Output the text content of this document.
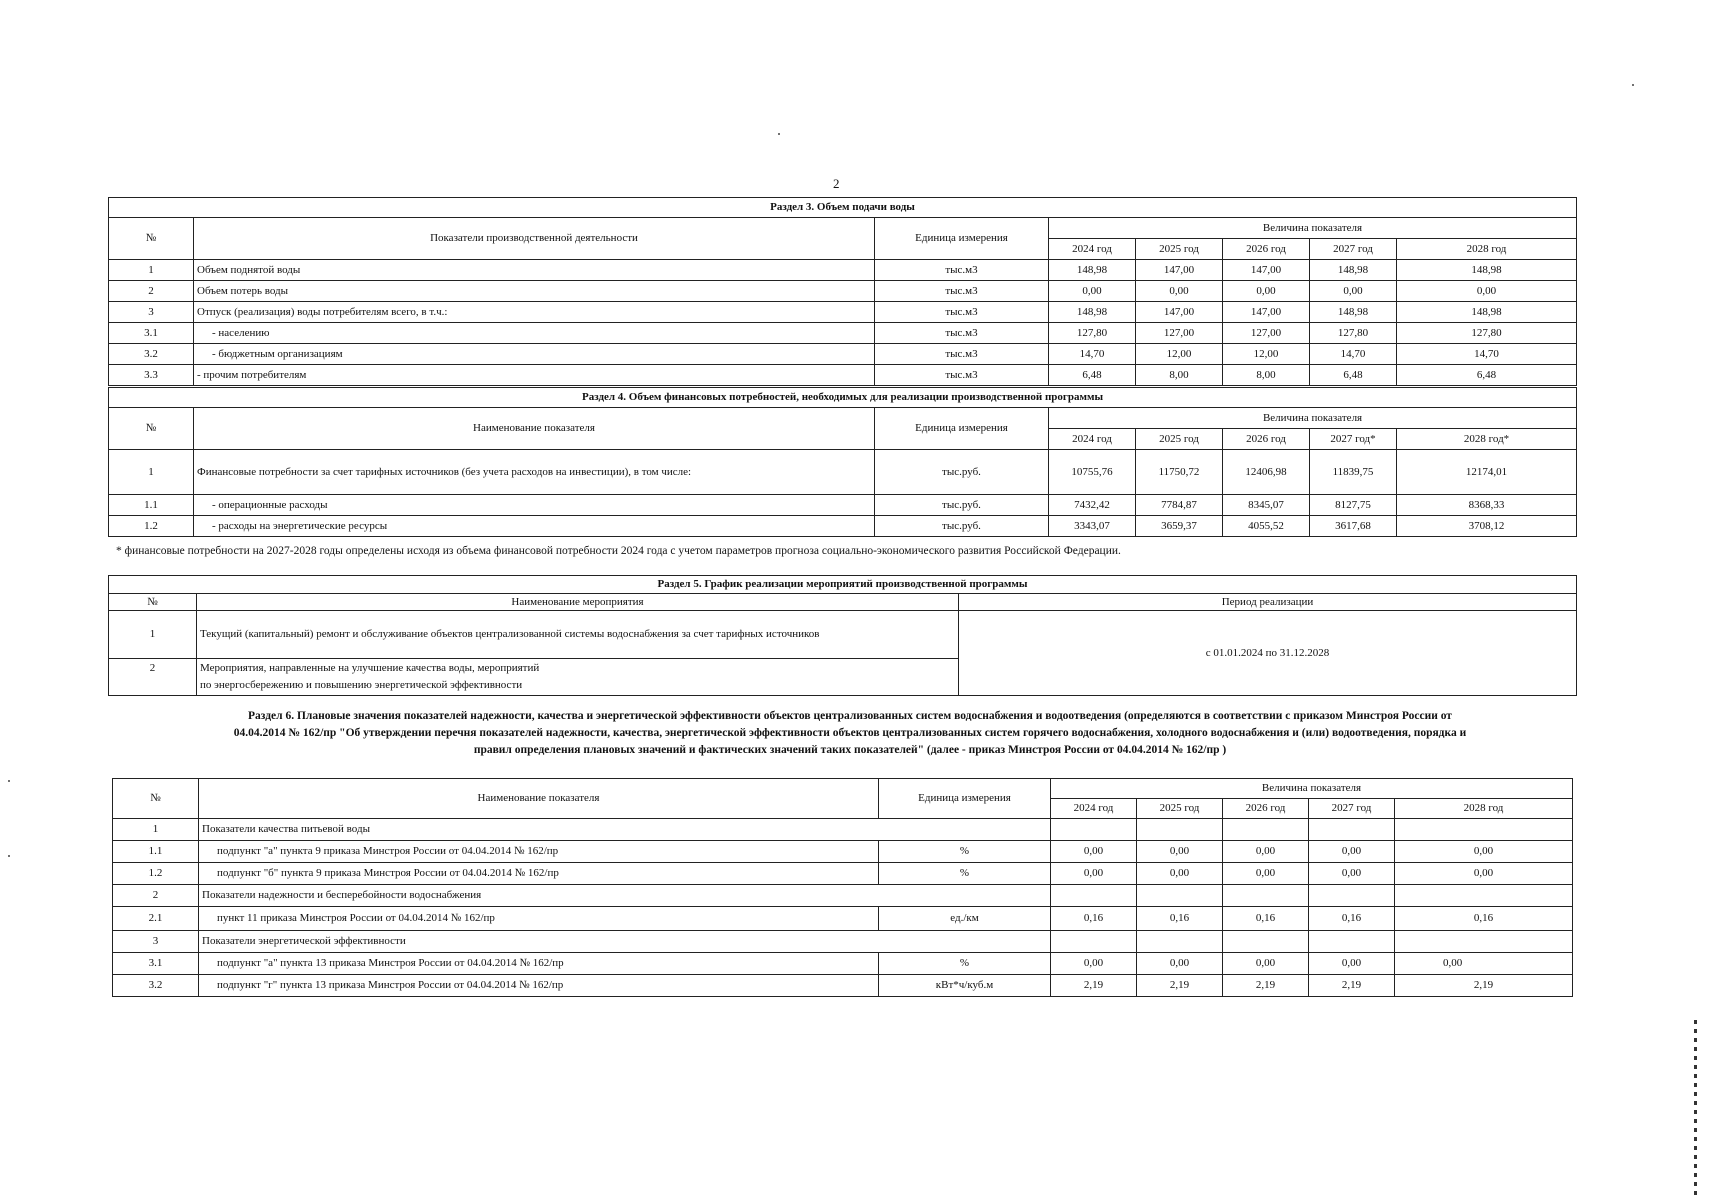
2
Раздел 3. Объем подачи воды							
№	Показатели производственной деятельности	Единица измерения	Величина показателя				
			2024 год	2025 год	2026 год	2027 год	2028 год
1	Объем поднятой воды	тыс.м3	148,98	147,00	147,00	148,98	148,98
2	Объем потерь воды	тыс.м3	0,00	0,00	0,00	0,00	0,00
3	Отпуск (реализация) воды потребителям всего, в т.ч.:	тыс.м3	148,98	147,00	147,00	148,98	148,98
3.1	- населению	тыс.м3	127,80	127,00	127,00	127,80	127,80
3.2	- бюджетным организациям	тыс.м3	14,70	12,00	12,00	14,70	14,70
3.3	- прочим потребителям	тыс.м3	6,48	8,00	8,00	6,48	6,48
Раздел 4. Объем финансовых потребностей, необходимых для реализации производственной программы							
№	Наименование показателя	Единица измерения	Величина показателя				
			2024 год	2025 год	2026 год	2027 год*	2028 год*
1	Финансовые потребности за счет тарифных источников (без учета расходов на инвестиции), в том числе:	тыс.руб.	10755,76	11750,72	12406,98	11839,75	12174,01
1.1	- операционные расходы	тыс.руб.	7432,42	7784,87	8345,07	8127,75	8368,33
1.2	- расходы на энергетические ресурсы	тыс.руб.	3343,07	3659,37	4055,52	3617,68	3708,12
* финансовые потребности на 2027-2028 годы определены исходя из объема финансовой потребности 2024 года с учетом параметров прогноза социально-экономического развития Российской Федерации.
Раздел 5. График реализации мероприятий производственной программы		
№	Наименование мероприятия	Период реализации
1	Текущий (капитальный) ремонт и обслуживание объектов централизованной системы водоснабжения за счет тарифных источников	с 01.01.2024 по 31.12.2028
2	Мероприятия, направленные на улучшение качества воды, мероприятий
по энергосбережению и повышению энергетической эффективности	
Раздел 6. Плановые значения показателей надежности, качества и энергетической эффективности объектов централизованных систем водоснабжения и водоотведения (определяются в соответствии с приказом Минстроя России от
04.04.2014 № 162/пр "Об утверждении перечня показателей надежности, качества, энергетической эффективности объектов централизованных систем горячего водоснабжения, холодного водоснабжения и (или) водоотведения, порядка и
правил определения плановых значений и фактических значений таких показателей" (далее - приказ Минстроя России от 04.04.2014 № 162/пр )
№	Наименование показателя	Единица измерения	Величина показателя				
			2024 год	2025 год	2026 год	2027 год	2028 год
1	Показатели качества питьевой воды						
1.1	подпункт "а" пункта 9 приказа Минстроя России от 04.04.2014 № 162/пр	%	0,00	0,00	0,00	0,00	0,00
1.2	подпункт "б" пункта 9 приказа Минстроя России от 04.04.2014 № 162/пр	%	0,00	0,00	0,00	0,00	0,00
2	Показатели надежности и бесперебойности водоснабжения						
2.1	пункт 11 приказа Минстроя России от 04.04.2014 № 162/пр	ед./км	0,16	0,16	0,16	0,16	0,16
3	Показатели энергетической эффективности						
3.1	подпункт "а" пункта 13 приказа Минстроя России от 04.04.2014 № 162/пр	%	0,00	0,00	0,00	0,00	0,00
3.2	подпункт "г" пункта 13 приказа Минстроя России от 04.04.2014 № 162/пр	кВт*ч/куб.м	2,19	2,19	2,19	2,19	2,19
